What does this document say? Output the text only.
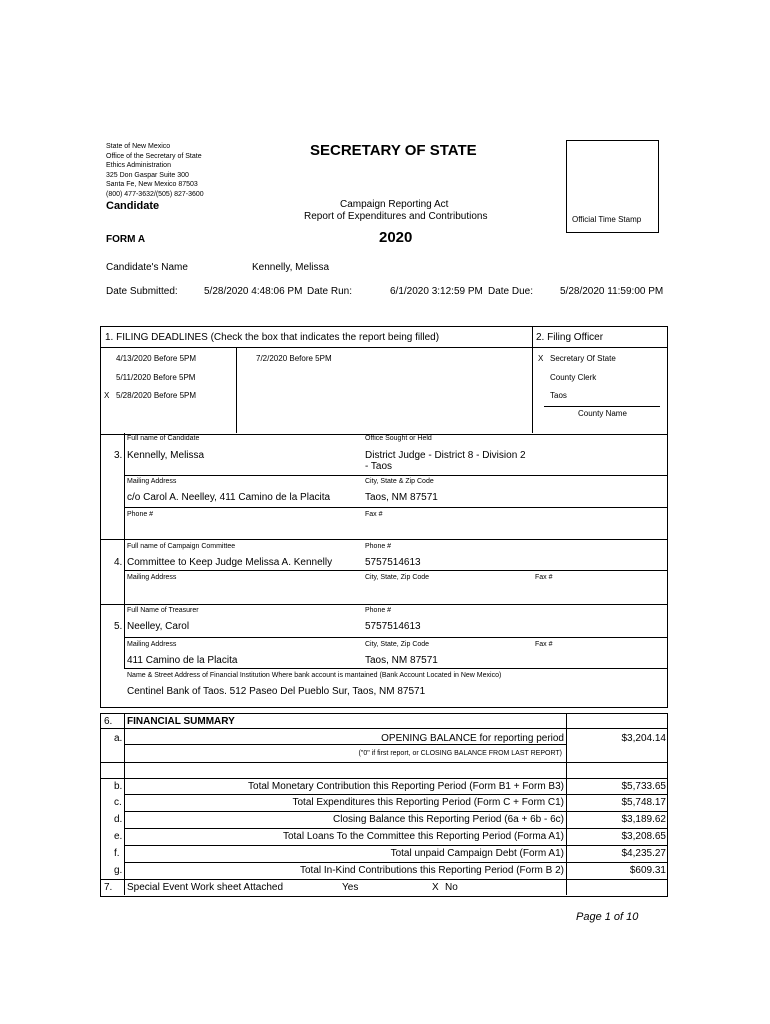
State of New Mexico
Office of the Secretary of State
Ethics Administration
325 Don Gaspar Suite 300
Santa Fe, New Mexico 87503
(800) 477-3632/(505) 827-3600
SECRETARY OF STATE
Candidate	Campaign Reporting Act
Report of Expenditures and Contributions
FORM A	2020
Official Time Stamp
Candidate's Name	Kennelly, Melissa
Date Submitted:	5/28/2020 4:48:06 PM Date Run:	6/1/2020 3:12:59 PM Date Due:	5/28/2020 11:59:00 PM
1. FILING DEADLINES (Check the box that indicates the report being filled)	2. Filing Officer
4/13/2020 Before 5PM	7/2/2020 Before 5PM
5/11/2020 Before 5PM
X 5/28/2020 Before 5PM
X Secretary Of State
County Clerk
Taos
County Name
Full name of Candidate	Office Sought or Held
3. Kennelly, Melissa	District Judge - District 8 - Division 2
- Taos
Mailing Address	City, State & Zip Code
c/o Carol A. Neelley, 411 Camino de la Placita	Taos, NM 87571
Phone #	Fax #
Full name of Campaign Committee	Phone #
4. Committee to Keep Judge Melissa A. Kennelly	5757514613
Mailing Address	City, State, Zip Code	Fax #
Full Name of Treasurer	Phone #
5. Neelley, Carol	5757514613
Mailing Address	City, State, Zip Code	Fax #
411 Camino de la Placita	Taos, NM 87571
Name & Street Address of Financial Institution Where bank account is mantained (Bank Account Located in New Mexico)
Centinel Bank of Taos. 512 Paseo Del Pueblo Sur, Taos, NM 87571
6. FINANCIAL SUMMARY
a.	OPENING BALANCE for reporting period	$3,204.14
("0" if first report, or CLOSING BALANCE FROM LAST REPORT)
b.	Total Monetary Contribution this Reporting Period (Form B1 + Form B3)	$5,733.65
c.	Total Expenditures this Reporting Period (Form C + Form C1)	$5,748.17
d.	Closing Balance this Reporting Period (6a + 6b - 6c)	$3,189.62
e.	Total Loans To the Committee this Reporting Period (Forma A1)	$3,208.65
f.	Total unpaid Campaign Debt (Form A1)	$4,235.27
g.	Total In-Kind Contributions this Reporting Period (Form B 2)	$609.31
7. Special Event Work sheet Attached	Yes	X No
Page 1 of 10
